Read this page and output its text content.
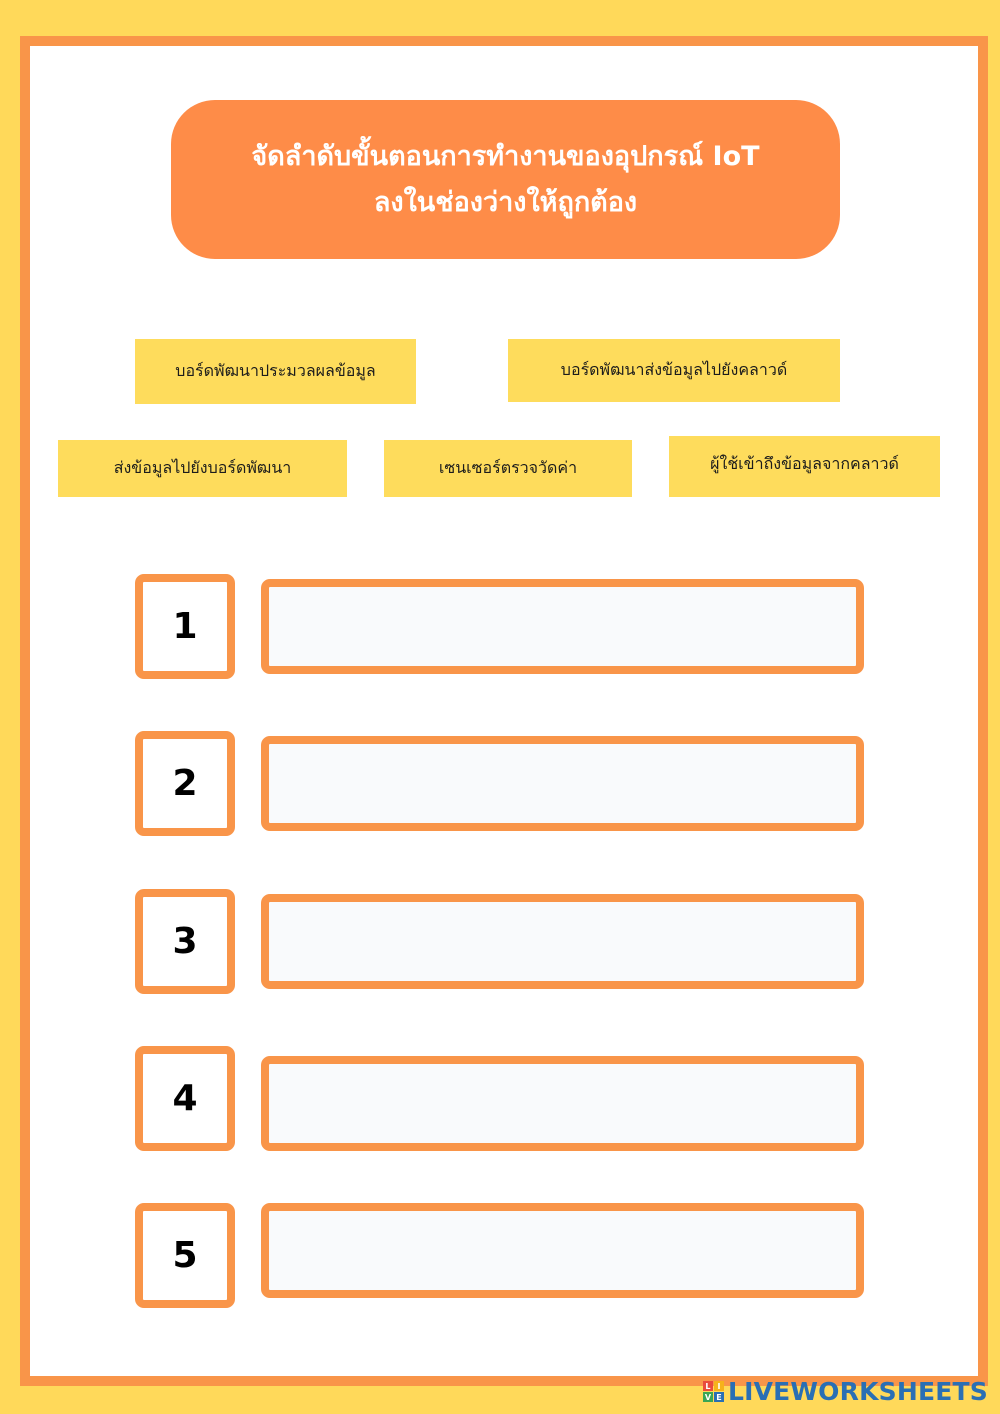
จัดลำดับขั้นตอนการทำงานของอุปกรณ์ IoT
ลงในช่องว่างให้ถูกต้อง
บอร์ดพัฒนาประมวลผลข้อมูล	บอร์ดพัฒนาส่งข้อมูลไปยังคลาวด์
ส่งข้อมูลไปยังบอร์ดพัฒนา	เซนเซอร์ตรวจวัดค่า	ผู้ใช้เข้าถึงข้อมูลจากคลาวด์
1
2
3
4
5
L I
V E LIVEWORKSHEETS
